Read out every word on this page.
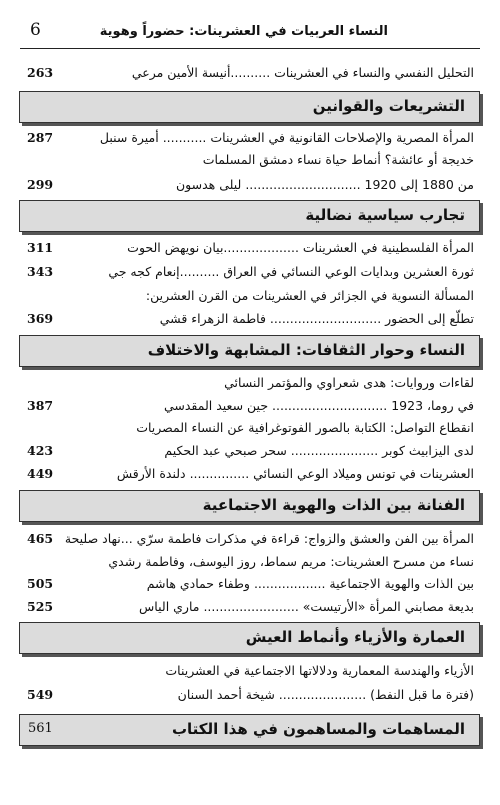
6	النساء العربيات في العشرينات: حضوراً وهوية
263	التحليل النفسي والنساء في العشرينات ..........أنيسة الأمين مرعي
التشريعات والقوانين
287	المرأة المصرية والإصلاحات القانونية في العشرينات ........... أميرة سنبل
خديجة أو عائشة؟ أنماط حياة نساء دمشق المسلمات
299	من 1880 إلى 1920 ............................. ليلى هدسون
تجارب سياسية نضالية
311	المرأة الفلسطينية في العشرينات ...................بيان نويهض الحوت
343	ثورة العشرين وبدايات الوعي النسائي في العراق ..........إنعام كجه جي
المسألة النسوية في الجزائر في العشرينات من القرن العشرين:
369	تطلّع إلى الحضور ............................ فاطمة الزهراء قشي
النساء وحوار الثقافات: المشابهة والاختلاف
لقاءات وروايات: هدى شعراوي والمؤتمر النسائي
387	في روما، 1923 ............................. جين سعيد المقدسي
انقطاع التواصل: الكتابة بالصور الفوتوغرافية عن النساء المصريات
423	لدى اليزابيث كوبر ...................... سحر صبحي عبد الحكيم
449	العشرينات في تونس وميلاد الوعي النسائي ............... دلندة الأرقش
الفنانة بين الذات والهوية الاجتماعية
465 المرأة بين الفن والعشق والزواج: قراءة في مذكرات فاطمة سرّي ...نهاد صليحة
نساء من مسرح العشرينات: مريم سماط، روز اليوسف، وفاطمة رشدي
505	بين الذات والهوية الاجتماعية .................. وطفاء حمادي هاشم
525	بديعة مصابني المرأة «الأرتيست» ........................ ماري الياس
العمارة والأزياء وأنماط العيش
الأزياء والهندسة المعمارية ودلالاتها الاجتماعية في العشرينات
549	(فترة ما قبل النفط) ...................... شيخة أحمد السنان
561	المساهمات والمساهمون في هذا الكتاب
